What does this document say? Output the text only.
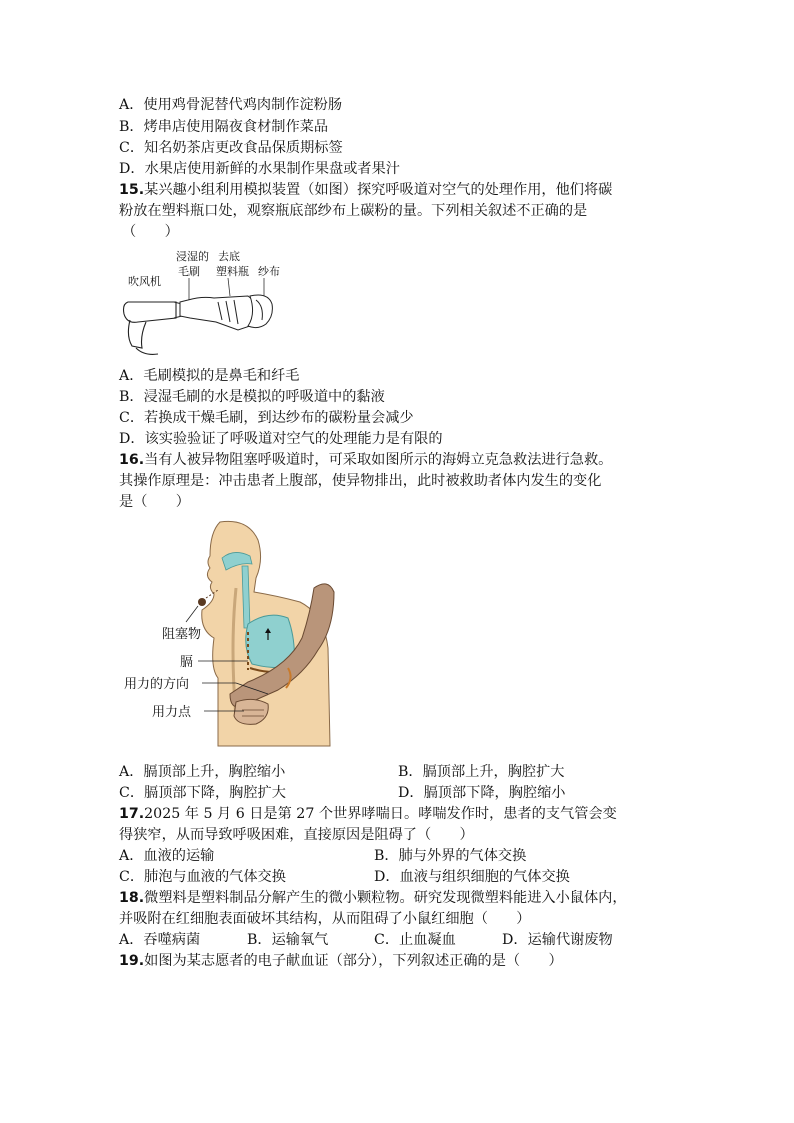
A．使用鸡骨泥替代鸡肉制作淀粉肠
B．烤串店使用隔夜食材制作菜品
C．知名奶茶店更改食品保质期标签
D．水果店使用新鲜的水果制作果盘或者果汁
15.某兴趣小组利用模拟装置（如图）探究呼吸道对空气的处理作用，他们将碳
粉放在塑料瓶口处，观察瓶底部纱布上碳粉的量。下列相关叙述不正确的是
（　　）
浸湿的 去底
毛刷 塑料瓶 纱布
吹风机
A．毛刷模拟的是鼻毛和纤毛
B．浸湿毛刷的水是模拟的呼吸道中的黏液
C．若换成干燥毛刷，到达纱布的碳粉量会减少
D．该实验验证了呼吸道对空气的处理能力是有限的
16.当有人被异物阻塞呼吸道时，可采取如图所示的海姆立克急救法进行急救。
其操作原理是：冲击患者上腹部，使异物排出，此时被救助者体内发生的变化
是（　　）
阻塞物
膈
用力的方向
用力点
A．膈顶部上升，胸腔缩小	B．膈顶部上升，胸腔扩大
C．膈顶部下降，胸腔扩大	D．膈顶部下降，胸腔缩小
17.2025 年 5 月 6 日是第 27 个世界哮喘日。哮喘发作时，患者的支气管会变
得狭窄，从而导致呼吸困难，直接原因是阻碍了（　　）
A．血液的运输	B．肺与外界的气体交换
C．肺泡与血液的气体交换	D．血液与组织细胞的气体交换
18.微塑料是塑料制品分解产生的微小颗粒物。研究发现微塑料能进入小鼠体内，
并吸附在红细胞表面破坏其结构，从而阻碍了小鼠红细胞（　　）
A．吞噬病菌	B．运输氧气	C．止血凝血	D．运输代谢废物
19.如图为某志愿者的电子献血证（部分），下列叙述正确的是（　　）
